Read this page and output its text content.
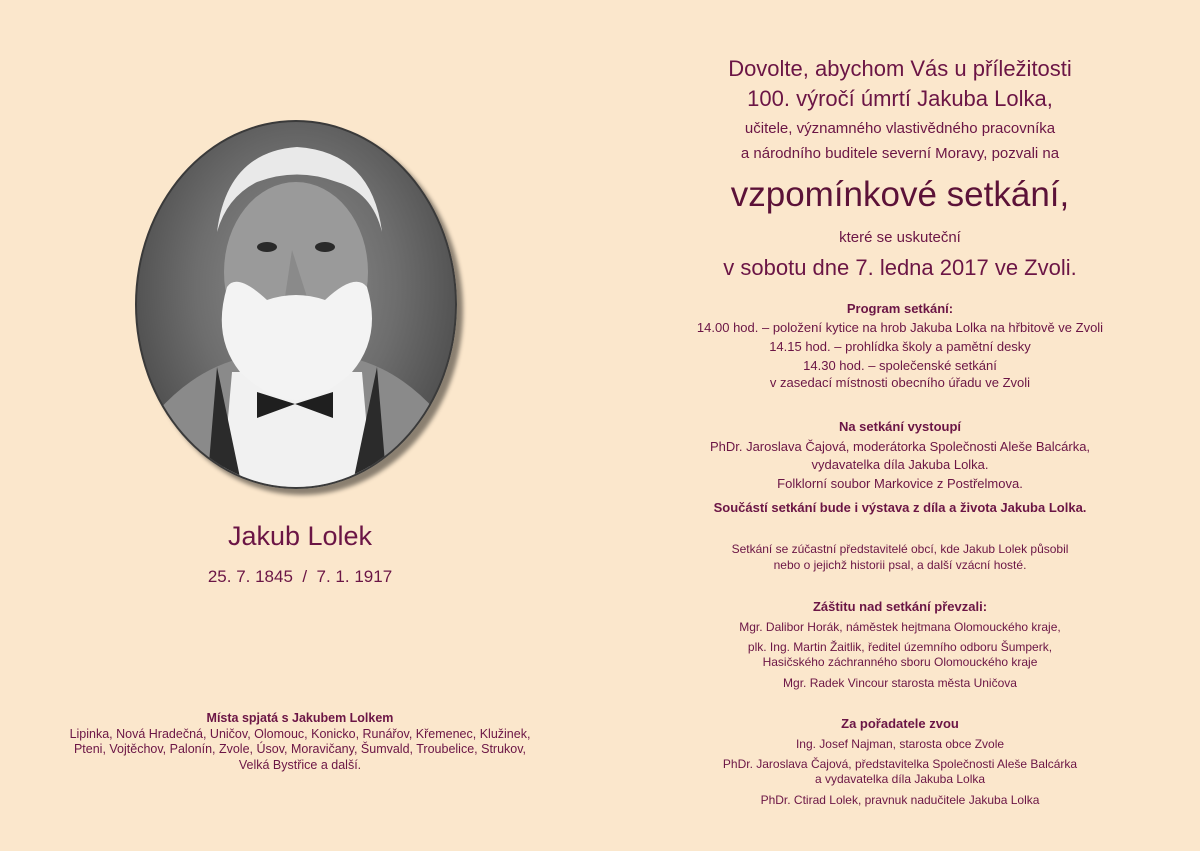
Jakub Lolek
25. 7. 1845  /  7. 1. 1917
Místa spjatá s Jakubem Lolkem
Lipinka, Nová Hradečná, Uničov, Olomouc, Konicko, Runářov, Křemenec, Klužinek,
Pteni, Vojtěchov, Palonín, Zvole, Úsov, Moravičany, Šumvald, Troubelice, Strukov,
Velká Bystřice a další.
Dovolte, abychom Vás u příležitosti
100. výročí úmrtí Jakuba Lolka,
učitele, významného vlastivědného pracovníka
a národního buditele severní Moravy, pozvali na
vzpomínkové setkání,
které se uskuteční
v sobotu dne 7. ledna 2017 ve Zvoli.
Program setkání:
14.00 hod. – položení kytice na hrob Jakuba Lolka na hřbitově ve Zvoli
14.15 hod. – prohlídka školy a pamětní desky
14.30 hod. – společenské setkání
v zasedací místnosti obecního úřadu ve Zvoli
Na setkání vystoupí
PhDr. Jaroslava Čajová, moderátorka Společnosti Aleše Balcárka,
vydavatelka díla Jakuba Lolka.
Folklorní soubor Markovice z Postřelmova.
Součástí setkání bude i výstava z díla a života Jakuba Lolka.
Setkání se zúčastní představitelé obcí, kde Jakub Lolek působil
nebo o jejichž historii psal, a další vzácní hosté.
Záštitu nad setkání převzali:
Mgr. Dalibor Horák, náměstek hejtmana Olomouckého kraje,
plk. Ing. Martin Žaitlik, ředitel územního odboru Šumperk,
Hasičského záchranného sboru Olomouckého kraje
Mgr. Radek Vincour starosta města Uničova
Za pořadatele zvou
Ing. Josef Najman, starosta obce Zvole
PhDr. Jaroslava Čajová, představitelka Společnosti Aleše Balcárka
a vydavatelka díla Jakuba Lolka
PhDr. Ctirad Lolek, pravnuk nadučitele Jakuba Lolka
